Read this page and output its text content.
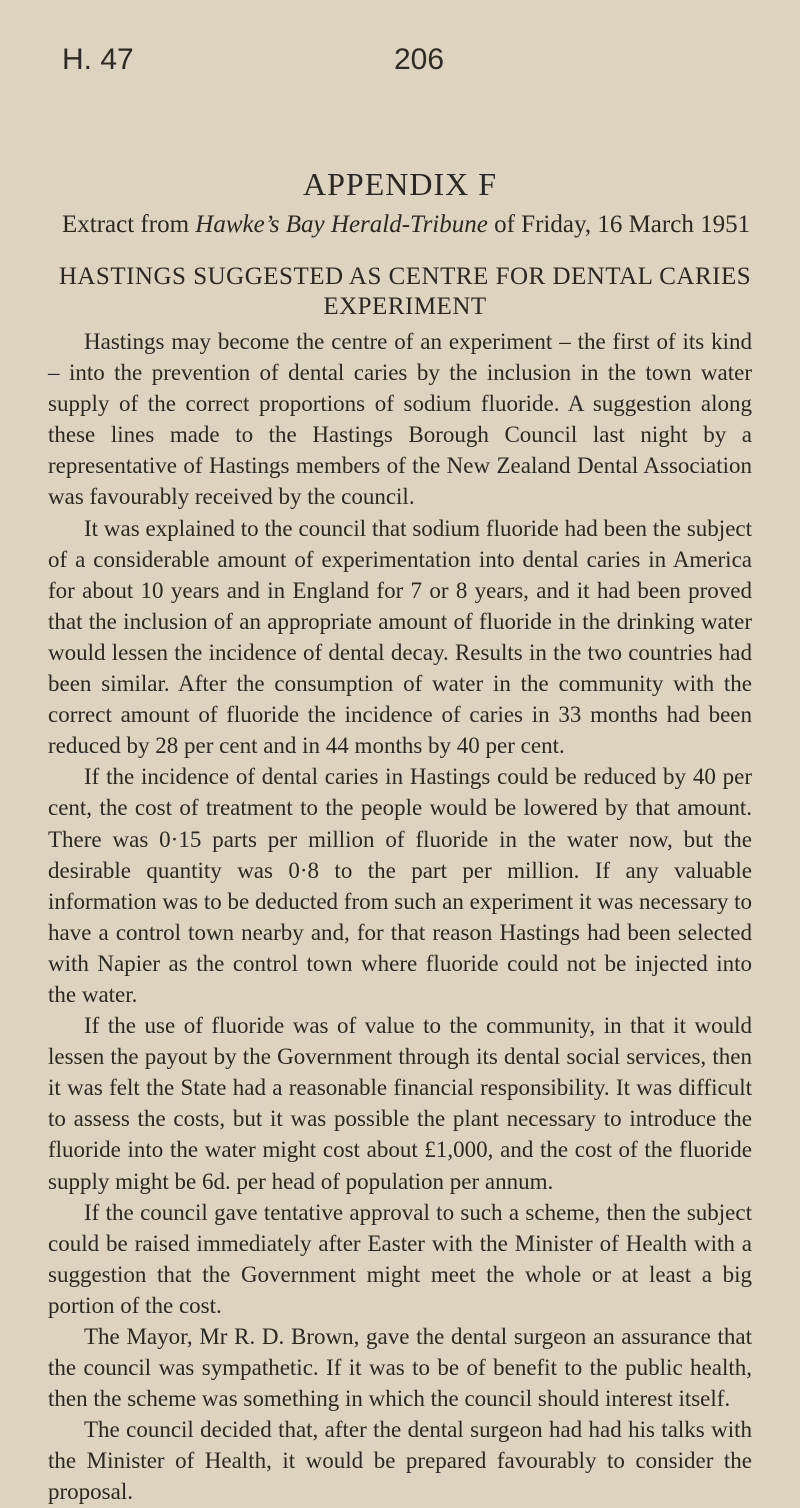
H. 47	206
APPENDIX F
Extract from Hawke’s Bay Herald-Tribune of Friday, 16 March 1951
HASTINGS SUGGESTED AS CENTRE FOR DENTAL CARIES EXPERIMENT

Hastings may become the centre of an experiment – the first of its kind – into the prevention of dental caries by the inclusion in the town water supply of the correct proportions of sodium fluoride. A suggestion along these lines made to the Hastings Borough Council last night by a representative of Hastings members of the New Zealand Dental Association was favourably received by the council.

It was explained to the council that sodium fluoride had been the subject of a considerable amount of experimentation into dental caries in America for about 10 years and in England for 7 or 8 years, and it had been proved that the inclusion of an appropriate amount of fluoride in the drinking water would lessen the incidence of dental decay. Results in the two countries had been similar. After the consumption of water in the community with the correct amount of fluoride the incidence of caries in 33 months had been reduced by 28 per cent and in 44 months by 40 per cent.

If the incidence of dental caries in Hastings could be reduced by 40 per cent, the cost of treatment to the people would be lowered by that amount. There was 0·15 parts per million of fluoride in the water now, but the desirable quantity was 0·8 to the part per million. If any valuable information was to be deducted from such an experiment it was necessary to have a control town nearby and, for that reason Hastings had been selected with Napier as the control town where fluoride could not be injected into the water.

If the use of fluoride was of value to the community, in that it would lessen the payout by the Government through its dental social services, then it was felt the State had a reasonable financial responsibility. It was difficult to assess the costs, but it was possible the plant necessary to introduce the fluoride into the water might cost about £1,000, and the cost of the fluoride supply might be 6d. per head of population per annum.

If the council gave tentative approval to such a scheme, then the subject could be raised immediately after Easter with the Minister of Health with a suggestion that the Government might meet the whole or at least a big portion of the cost.

The Mayor, Mr R. D. Brown, gave the dental surgeon an assurance that the council was sympathetic. If it was to be of benefit to the public health, then the scheme was something in which the council should interest itself.

The council decided that, after the dental surgeon had had his talks with the Minister of Health, it would be prepared favourably to consider the proposal.
